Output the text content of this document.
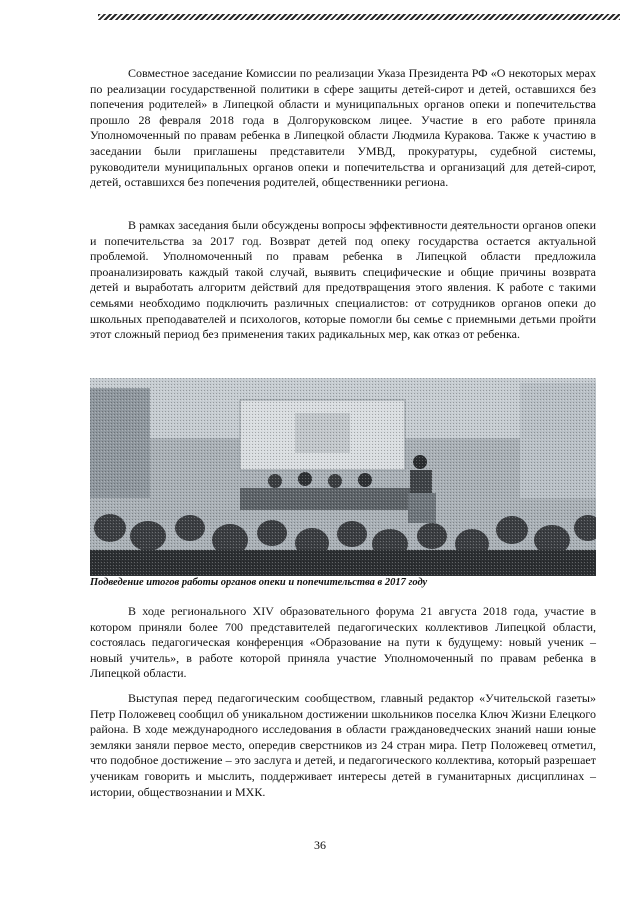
Совместное заседание Комиссии по реализации Указа Президента РФ «О некоторых мерах по реализации государственной политики в сфере защиты детей-сирот и детей, оставшихся без попечения родителей» в Липецкой области и муниципальных органов опеки и попечительства прошло 28 февраля 2018 года в Долгоруковском лицее. Участие в его работе приняла Уполномоченный по правам ребенка в Липецкой области Людмила Куракова. Также к участию в заседании были приглашены представители УМВД, прокуратуры, судебной системы, руководители муниципальных органов опеки и попечительства и организаций для детей-сирот, детей, оставшихся без попечения родителей, общественники региона.

В рамках заседания были обсуждены вопросы эффективности деятельности органов опеки и попечительства за 2017 год. Возврат детей под опеку государства остается актуальной проблемой. Уполномоченный по правам ребенка в Липецкой области предложила проанализировать каждый такой случай, выявить специфические и общие причины возврата детей и выработать алгоритм действий для предотвращения этого явления. К работе с такими семьями необходимо подключить различных специалистов: от сотрудников органов опеки до школьных преподавателей и психологов, которые помогли бы семье с приемными детьми пройти этот сложный период без применения таких радикальных мер, как отказ от ребенка.

Подведение итогов работы органов опеки и попечительства в 2017 году

В ходе регионального XIV образовательного форума 21 августа 2018 года, участие в котором приняли более 700 представителей педагогических коллективов Липецкой области, состоялась педагогическая конференция «Образование на пути к будущему: новый ученик – новый учитель», в работе которой приняла участие Уполномоченный по правам ребенка в Липецкой области.

Выступая перед педагогическим сообществом, главный редактор «Учительской газеты» Петр Положевец сообщил об уникальном достижении школьников поселка Ключ Жизни Елецкого района. В ходе международного исследования в области граждановедческих знаний наши юные земляки заняли первое место, опередив сверстников из 24 стран мира. Петр Положевец отметил, что подобное достижение – это заслуга и детей, и педагогического коллектива, который разрешает ученикам говорить и мыслить, поддерживает интересы детей в гуманитарных дисциплинах – истории, обществознании и МХК.

36
